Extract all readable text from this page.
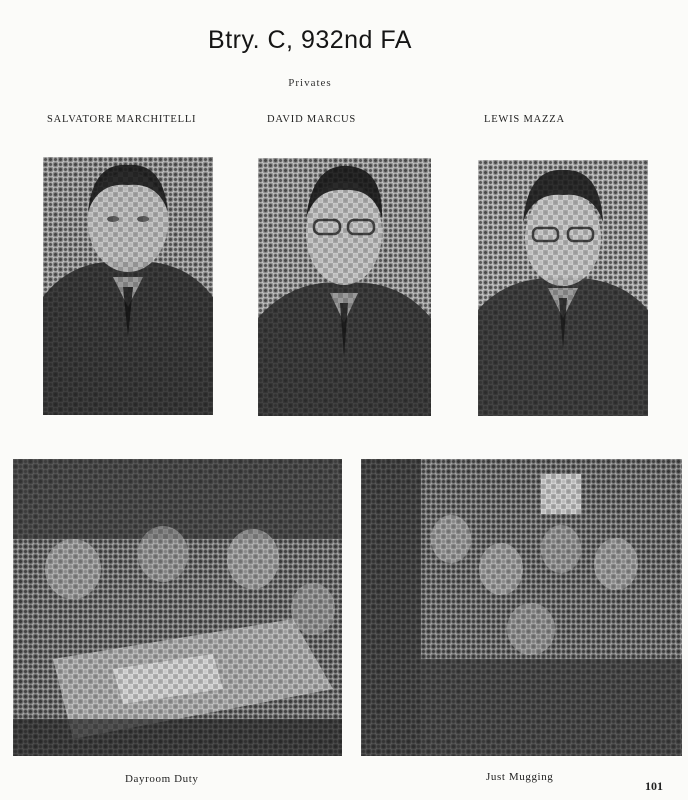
Btry. C, 932nd FA
Privates
SALVATORE MARCHITELLI	DAVID MARCUS	LEWIS MAZZA
Dayroom Duty	Just Mugging
101
